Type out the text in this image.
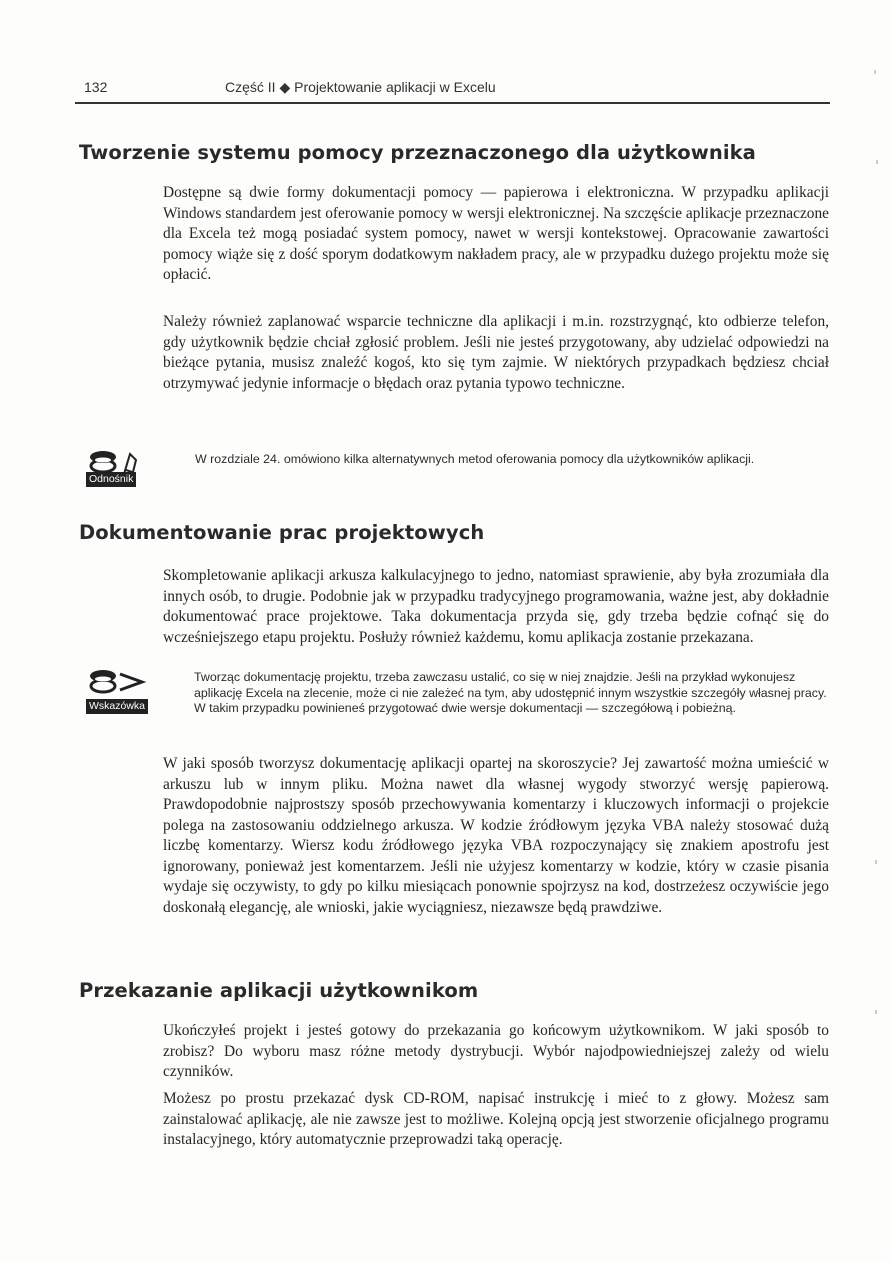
132	Część II ◆ Projektowanie aplikacji w Excelu
Tworzenie systemu pomocy przeznaczonego dla użytkownika

Dostępne są dwie formy dokumentacji pomocy — papierowa i elektroniczna. W przypadku aplikacji Windows standardem jest oferowanie pomocy w wersji elektronicznej. Na szczęście aplikacje przeznaczone dla Excela też mogą posiadać system pomocy, nawet w wersji kontekstowej. Opracowanie zawartości pomocy wiąże się z dość sporym dodatkowym nakładem pracy, ale w przypadku dużego projektu może się opłacić.

Należy również zaplanować wsparcie techniczne dla aplikacji i m.in. rozstrzygnąć, kto odbierze telefon, gdy użytkownik będzie chciał zgłosić problem. Jeśli nie jesteś przygotowany, aby udzielać odpowiedzi na bieżące pytania, musisz znaleźć kogoś, kto się tym zajmie. W niektórych przypadkach będziesz chciał otrzymywać jedynie informacje o błędach oraz pytania typowo techniczne.

Odnośnik

W rozdziale 24. omówiono kilka alternatywnych metod oferowania pomocy dla użytkowników aplikacji.

Dokumentowanie prac projektowych

Skompletowanie aplikacji arkusza kalkulacyjnego to jedno, natomiast sprawienie, aby była zrozumiała dla innych osób, to drugie. Podobnie jak w przypadku tradycyjnego programowania, ważne jest, aby dokładnie dokumentować prace projektowe. Taka dokumentacja przyda się, gdy trzeba będzie cofnąć się do wcześniejszego etapu projektu. Posłuży również każdemu, komu aplikacja zostanie przekazana.

Wskazówka

Tworząc dokumentację projektu, trzeba zawczasu ustalić, co się w niej znajdzie. Jeśli na przykład wykonujesz aplikację Excela na zlecenie, może ci nie zależeć na tym, aby udostępnić innym wszystkie szczegóły własnej pracy. W takim przypadku powinieneś przygotować dwie wersje dokumentacji — szczegółową i pobieżną.

W jaki sposób tworzysz dokumentację aplikacji opartej na skoroszycie? Jej zawartość można umieścić w arkuszu lub w innym pliku. Można nawet dla własnej wygody stworzyć wersję papierową. Prawdopodobnie najprostszy sposób przechowywania komentarzy i kluczowych informacji o projekcie polega na zastosowaniu oddzielnego arkusza. W kodzie źródłowym języka VBA należy stosować dużą liczbę komentarzy. Wiersz kodu źródłowego języka VBA rozpoczynający się znakiem apostrofu jest ignorowany, ponieważ jest komentarzem. Jeśli nie użyjesz komentarzy w kodzie, który w czasie pisania wydaje się oczywisty, to gdy po kilku miesiącach ponownie spojrzysz na kod, dostrzeżesz oczywiście jego doskonałą elegancję, ale wnioski, jakie wyciągniesz, niezawsze będą prawdziwe.

Przekazanie aplikacji użytkownikom

Ukończyłeś projekt i jesteś gotowy do przekazania go końcowym użytkownikom. W jaki sposób to zrobisz? Do wyboru masz różne metody dystrybucji. Wybór najodpowiedniejszej zależy od wielu czynników.

Możesz po prostu przekazać dysk CD-ROM, napisać instrukcję i mieć to z głowy. Możesz sam zainstalować aplikację, ale nie zawsze jest to możliwe. Kolejną opcją jest stworzenie oficjalnego programu instalacyjnego, który automatycznie przeprowadzi taką operację.
